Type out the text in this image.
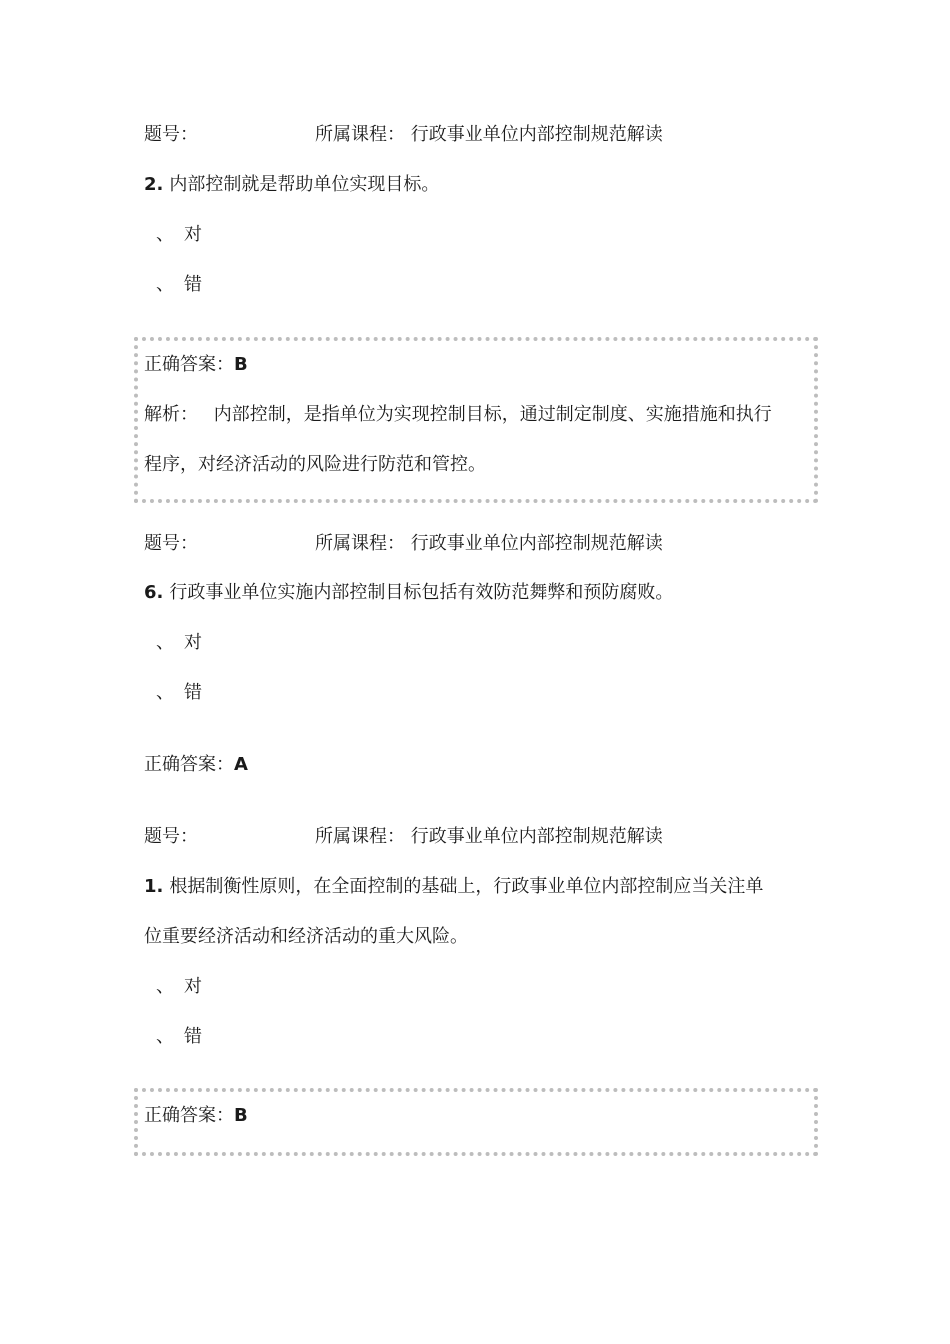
题号：	所属课程： 行政事业单位内部控制规范解读
2. 内部控制就是帮助单位实现目标。
、 对
、 错
正确答案：B
解析： 内部控制，是指单位为实现控制目标，通过制定制度、实施措施和执行
程序，对经济活动的风险进行防范和管控。
题号：	所属课程： 行政事业单位内部控制规范解读
6. 行政事业单位实施内部控制目标包括有效防范舞弊和预防腐败。
、 对
、 错
正确答案：A
题号：	所属课程： 行政事业单位内部控制规范解读
1. 根据制衡性原则，在全面控制的基础上，行政事业单位内部控制应当关注单
位重要经济活动和经济活动的重大风险。
、 对
、 错
正确答案：B
